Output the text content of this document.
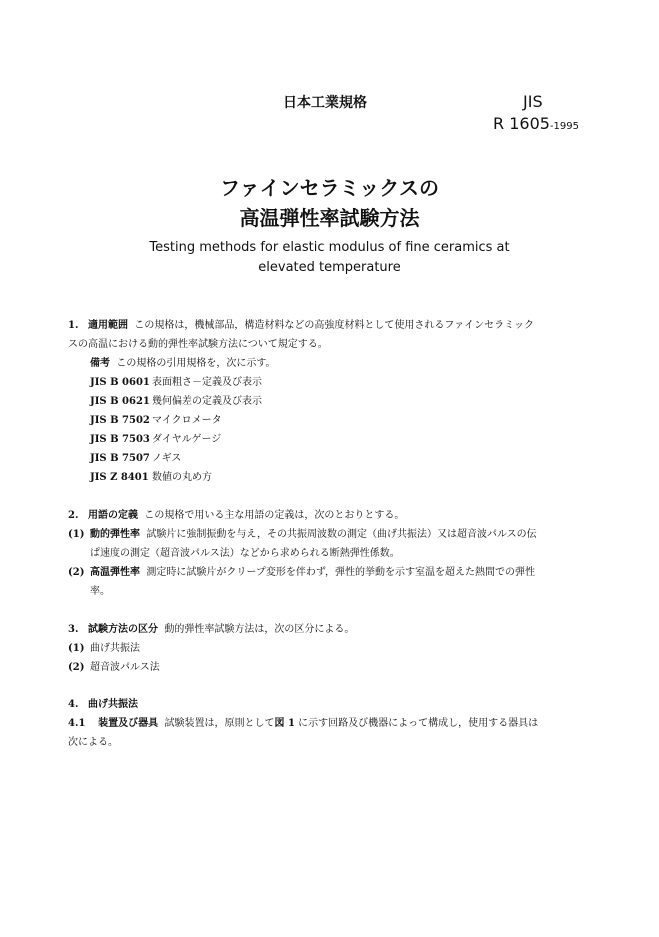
日本工業規格	JIS
R 1605-1995
ファインセラミックスの
高温弾性率試験方法
Testing methods for elastic modulus of fine ceramics at
elevated temperature
1. 適用範囲 この規格は，機械部品，構造材料などの高強度材料として使用されるファインセラミック
スの高温における動的弾性率試験方法について規定する。
備考 この規格の引用規格を，次に示す。
JIS B 0601 表面粗さ－定義及び表示
JIS B 0621 幾何偏差の定義及び表示
JIS B 7502 マイクロメータ
JIS B 7503 ダイヤルゲージ
JIS B 7507 ノギス
JIS Z 8401 数値の丸め方
2. 用語の定義 この規格で用いる主な用語の定義は，次のとおりとする。
(1) 動的弾性率 試験片に強制振動を与え，その共振周波数の測定（曲げ共振法）又は超音波パルスの伝
ぱ速度の測定（超音波パルス法）などから求められる断熱弾性係数。
(2) 高温弾性率 測定時に試験片がクリープ変形を伴わず，弾性的挙動を示す室温を超えた熱間での弾性
率。
3. 試験方法の区分 動的弾性率試験方法は，次の区分による。
(1) 曲げ共振法
(2) 超音波パルス法
4. 曲げ共振法
4.1 装置及び器具 試験装置は，原則として図 1 に示す回路及び機器によって構成し，使用する器具は
次による。
